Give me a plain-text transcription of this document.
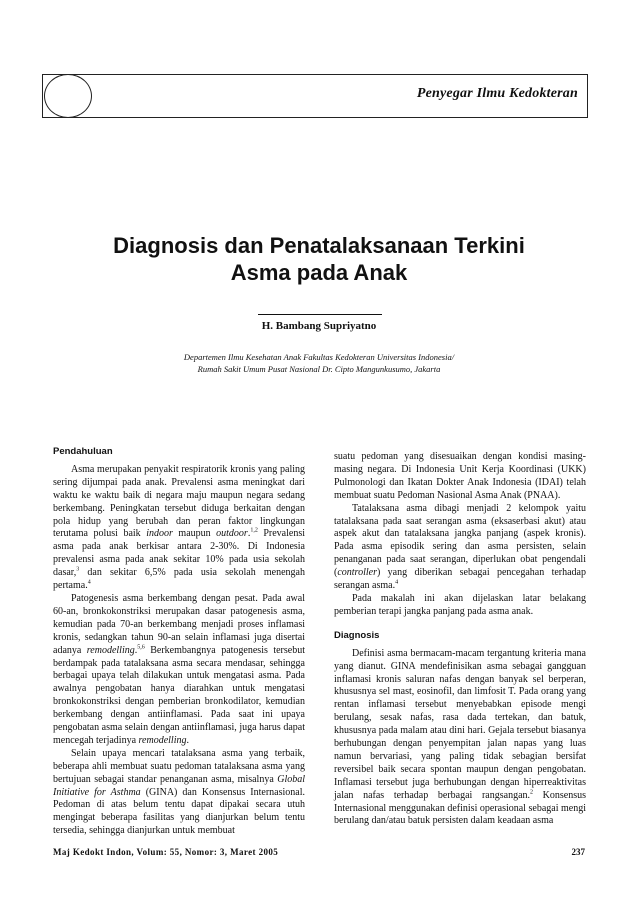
Penyegar Ilmu Kedokteran
Diagnosis dan Penatalaksanaan Terkini
Asma pada Anak
H. Bambang Supriyatno
Departemen Ilmu Kesehatan Anak Fakultas Kedokteran Universitas Indonesia/
Rumah Sakit Umum Pusat Nasional Dr. Cipto Mangunkusumo, Jakarta
Pendahuluan

Asma merupakan penyakit respiratorik kronis yang paling sering dijumpai pada anak. Prevalensi asma meningkat dari waktu ke waktu baik di negara maju maupun negara sedang berkembang. Peningkatan tersebut diduga berkaitan dengan pola hidup yang berubah dan peran faktor lingkungan terutama polusi baik indoor maupun outdoor.$^{1,2}$ Prevalensi asma pada anak berkisar antara 2-30%. Di Indonesia prevalensi asma pada anak sekitar 10% pada usia sekolah dasar,$^3$ dan sekitar 6,5% pada usia sekolah menengah pertama.$^4$

Patogenesis asma berkembang dengan pesat. Pada awal 60-an, bronkokonstriksi merupakan dasar patogenesis asma, kemudian pada 70-an berkembang menjadi proses inflamasi kronis, sedangkan tahun 90-an selain inflamasi juga disertai adanya remodelling.$^{5,6}$ Berkembangnya patogenesis tersebut berdampak pada tatalaksana asma secara mendasar, sehingga berbagai upaya telah dilakukan untuk mengatasi asma. Pada awalnya pengobatan hanya diarahkan untuk mengatasi bronkokonstriksi dengan pemberian bronkodilator, kemudian berkembang dengan antiinflamasi. Pada saat ini upaya pengobatan asma selain dengan antiinflamasi, juga harus dapat mencegah terjadinya remodelling.

Selain upaya mencari tatalaksana asma yang terbaik, beberapa ahli membuat suatu pedoman tatalaksana asma yang bertujuan sebagai standar penanganan asma, misalnya Global Initiative for Asthma (GINA) dan Konsensus Internasional. Pedoman di atas belum tentu dapat dipakai secara utuh mengingat beberapa fasilitas yang dianjurkan belum tentu tersedia, sehingga dianjurkan untuk membuat

suatu pedoman yang disesuaikan dengan kondisi masing-masing negara. Di Indonesia Unit Kerja Koordinasi (UKK) Pulmonologi dan Ikatan Dokter Anak Indonesia (IDAI) telah membuat suatu Pedoman Nasional Asma Anak (PNAA).

Tatalaksana asma dibagi menjadi 2 kelompok yaitu tatalaksana pada saat serangan asma (eksaserbasi akut) atau aspek akut dan tatalaksana jangka panjang (aspek kronis). Pada asma episodik sering dan asma persisten, selain penanganan pada saat serangan, diperlukan obat pengendali (controller) yang diberikan sebagai pencegahan terhadap serangan asma.$^4$

Pada makalah ini akan dijelaskan latar belakang pemberian terapi jangka panjang pada asma anak.

Diagnosis

Definisi asma bermacam-macam tergantung kriteria mana yang dianut. GINA mendefinisikan asma sebagai gangguan inflamasi kronis saluran nafas dengan banyak sel berperan, khususnya sel mast, eosinofil, dan limfosit T. Pada orang yang rentan inflamasi tersebut menyebabkan episode mengi berulang, sesak nafas, rasa dada tertekan, dan batuk, khususnya pada malam atau dini hari. Gejala tersebut biasanya berhubungan dengan penyempitan jalan napas yang luas namun bervariasi, yang paling tidak sebagian bersifat reversibel baik secara spontan maupun dengan pengobatan. Inflamasi tersebut juga berhubungan dengan hiperreaktivitas jalan nafas terhadap berbagai rangsangan.$^2$ Konsensus Internasional menggunakan definisi operasional sebagai mengi berulang dan/atau batuk persisten dalam keadaan asma

Maj Kedokt Indon, Volum: 55, Nomor: 3, Maret 2005	237
